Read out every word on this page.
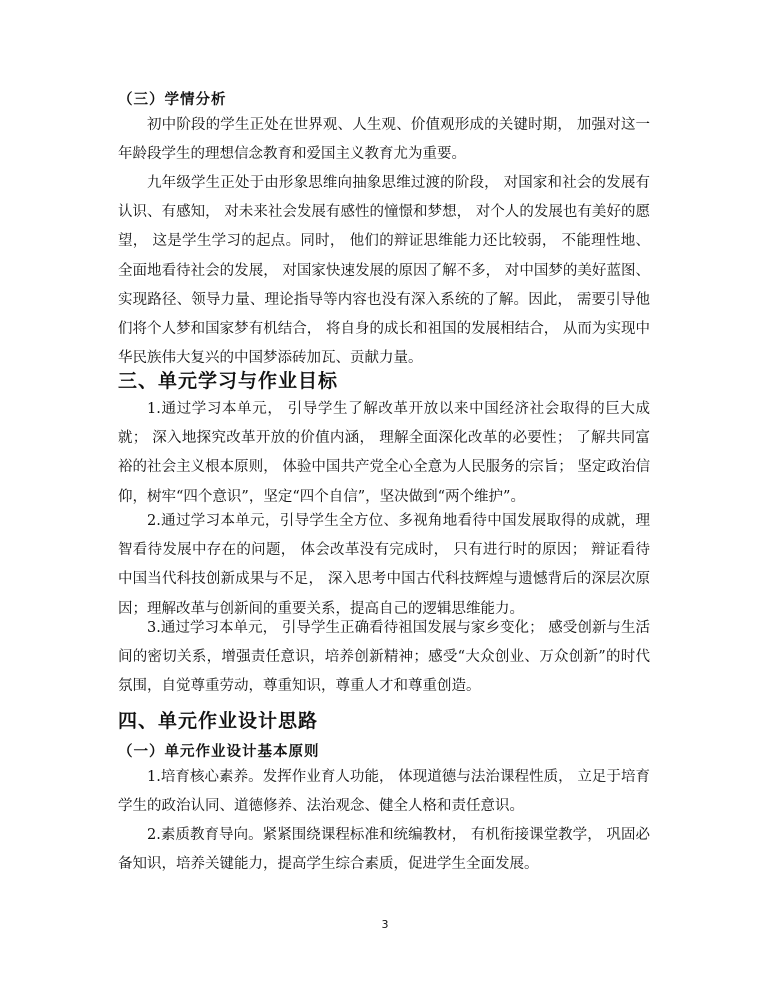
（三）学情分析

初中阶段的学生正处在世界观、人生观、价值观形成的关键时期， 加强对这一年龄段学生的理想信念教育和爱国主义教育尤为重要。

九年级学生正处于由形象思维向抽象思维过渡的阶段， 对国家和社会的发展有认识、有感知， 对未来社会发展有感性的憧憬和梦想， 对个人的发展也有美好的愿望， 这是学生学习的起点。同时， 他们的辩证思维能力还比较弱， 不能理性地、全面地看待社会的发展， 对国家快速发展的原因了解不多， 对中国梦的美好蓝图、实现路径、领导力量、理论指导等内容也没有深入系统的了解。因此， 需要引导他们将个人梦和国家梦有机结合， 将自身的成长和祖国的发展相结合， 从而为实现中华民族伟大复兴的中国梦添砖加瓦、贡献力量。

三、单元学习与作业目标

1.通过学习本单元， 引导学生了解改革开放以来中国经济社会取得的巨大成就； 深入地探究改革开放的价值内涵， 理解全面深化改革的必要性； 了解共同富裕的社会主义根本原则， 体验中国共产党全心全意为人民服务的宗旨； 坚定政治信仰，树牢“四个意识”，坚定“四个自信”，坚决做到“两个维护”。

2.通过学习本单元，引导学生全方位、多视角地看待中国发展取得的成就，理智看待发展中存在的问题， 体会改革没有完成时， 只有进行时的原因； 辩证看待中国当代科技创新成果与不足， 深入思考中国古代科技辉煌与遗憾背后的深层次原因；理解改革与创新间的重要关系，提高自己的逻辑思维能力。

3.通过学习本单元， 引导学生正确看待祖国发展与家乡变化； 感受创新与生活间的密切关系，增强责任意识，培养创新精神；感受“大众创业、万众创新”的时代氛围，自觉尊重劳动，尊重知识，尊重人才和尊重创造。

四、单元作业设计思路
（一）单元作业设计基本原则

1.培育核心素养。发挥作业育人功能， 体现道德与法治课程性质， 立足于培育学生的政治认同、道德修养、法治观念、健全人格和责任意识。

2.素质教育导向。紧紧围绕课程标准和统编教材， 有机衔接课堂教学， 巩固必备知识，培养关键能力，提高学生综合素质，促进学生全面发展。

3
